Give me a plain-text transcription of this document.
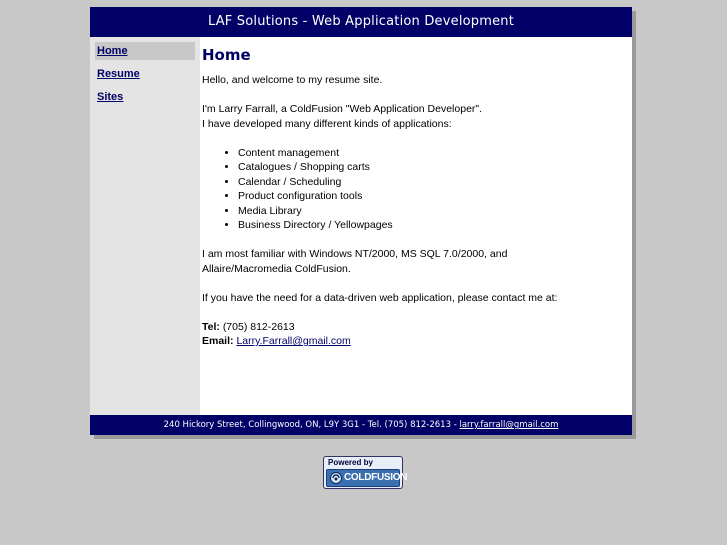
LAF Solutions - Web Application Development
Home
Resume
Sites
Home

Hello, and welcome to my resume site.

I'm Larry Farrall, a ColdFusion "Web Application Developer".
I have developed many different kinds of applications:

• Content management
• Catalogues / Shopping carts
• Calendar / Scheduling
• Product configuration tools
• Media Library
• Business Directory / Yellowpages

I am most familiar with Windows NT/2000, MS SQL 7.0/2000, and
Allaire/Macromedia ColdFusion.

If you have the need for a data-driven web application, please contact me at:

Tel: (705) 812-2613
Email: Larry.Farrall@gmail.com

240 Hickory Street, Collingwood, ON, L9Y 3G1 - Tel. (705) 812-2613 - larry.farrall@gmail.com
Powered by
COLDFUSION
